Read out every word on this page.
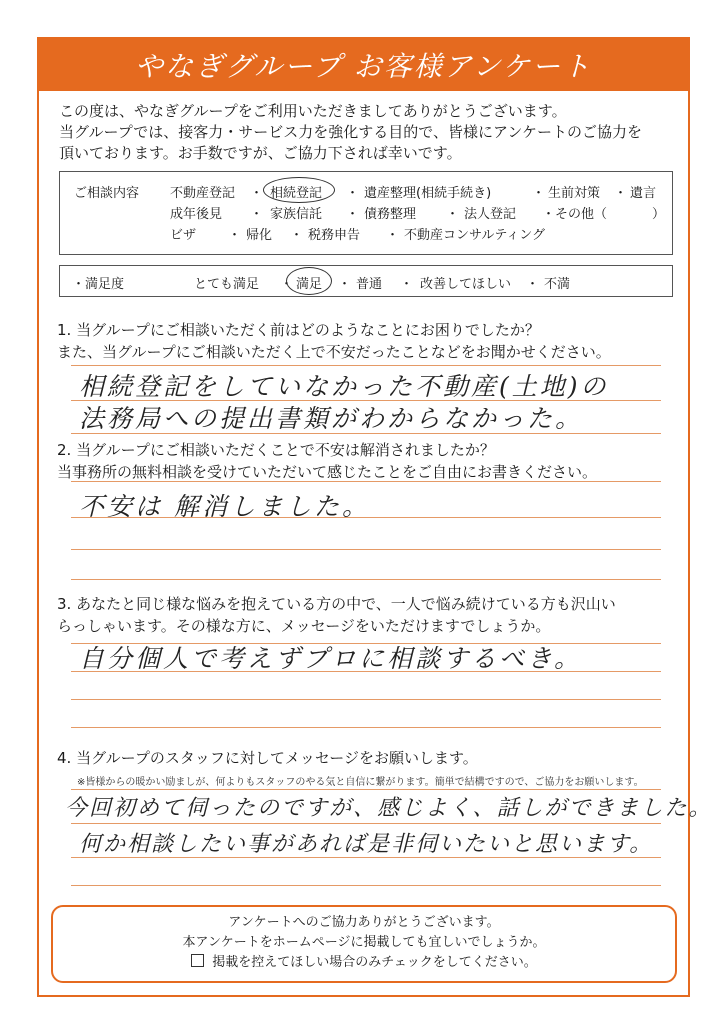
やなぎグループ お客様アンケート

この度は、やなぎグループをご利用いただきましてありがとうございます。

当グループでは、接客力・サービス力を強化する目的で、皆様にアンケートのご協力を

頂いております。お手数ですが、ご協力下されば幸いです。

ご相談内容 不動産登記 ・ 相続登記 ・ 遺産整理(相続手続き)	・ 生前対策 ・ 遺言
成年後見 ・ 家族信託 ・ 債務整理 ・ 法人登記 ・その他（	）
ビザ ・ 帰化 ・ 税務申告 ・ 不動産コンサルティング
・満足度	とても満足 ・ 満足 ・ 普通 ・ 改善してほしい ・ 不満

1. 当グループにご相談いただく前はどのようなことにお困りでしたか？

また、当グループにご相談いただく上で不安だったことなどをお聞かせください。

相続登記をしていなかった不動産(土地)の
法務局への提出書類がわからなかった。

2. 当グループにご相談いただくことで不安は解消されましたか？

当事務所の無料相談を受けていただいて感じたことをご自由にお書きください。

不安は 解消しました。

3. あなたと同じ様な悩みを抱えている方の中で、一人で悩み続けている方も沢山い

らっしゃいます。その様な方に、メッセージをいただけますでしょうか。

自分個人で考えずプロに相談するべき。

4. 当グループのスタッフに対してメッセージをお願いします。

※皆様からの暖かい励ましが、何よりもスタッフのやる気と自信に繋がります。簡単で結構ですので、ご協力をお願いします。
今回初めて伺ったのですが、感じよく、話しができました。
何か相談したい事があれば是非伺いたいと思います。

アンケートへのご協力ありがとうございます。

本アンケートをホームページに掲載しても宜しいでしょうか。

掲載を控えてほしい場合のみチェックをしてください。
